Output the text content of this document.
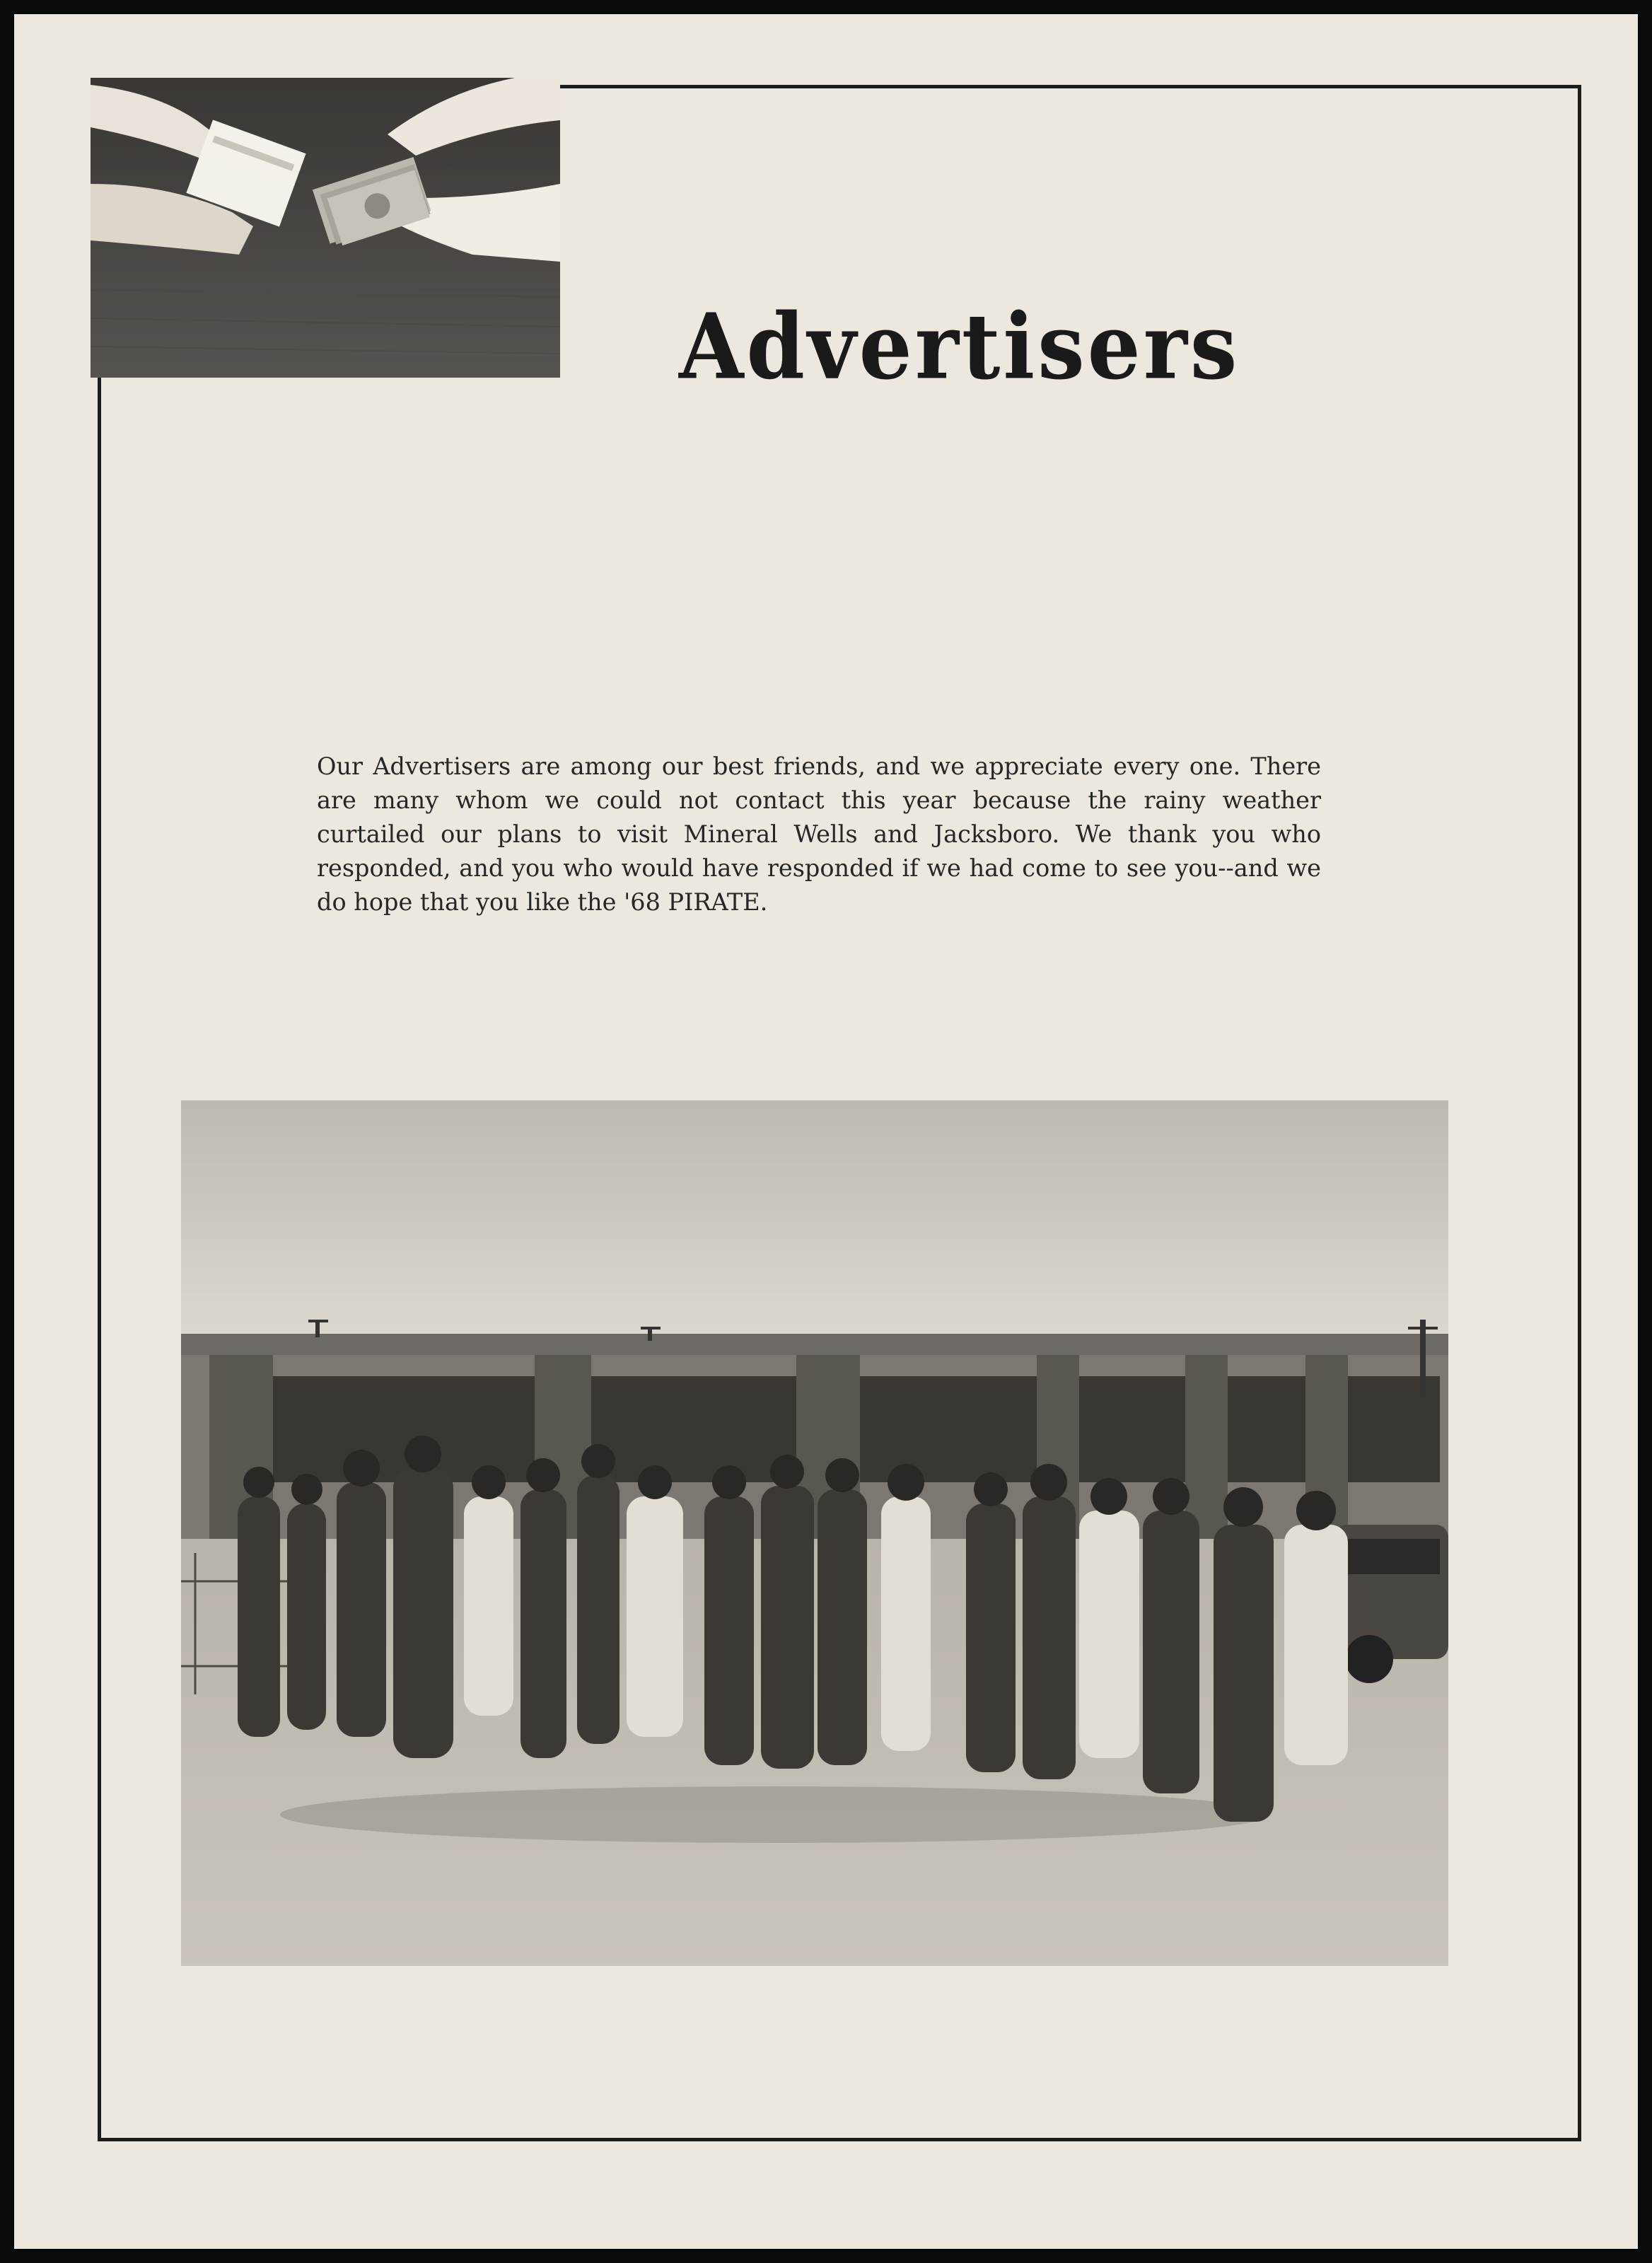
Advertisers
Our Advertisers are among our best friends, and we appreciate every one. There are many whom we could not contact this year because the rainy weather curtailed our plans to visit Mineral Wells and Jacksboro. We thank you who responded, and you who would have responded if we had come to see you--and we do hope that you like the '68 PIRATE.
